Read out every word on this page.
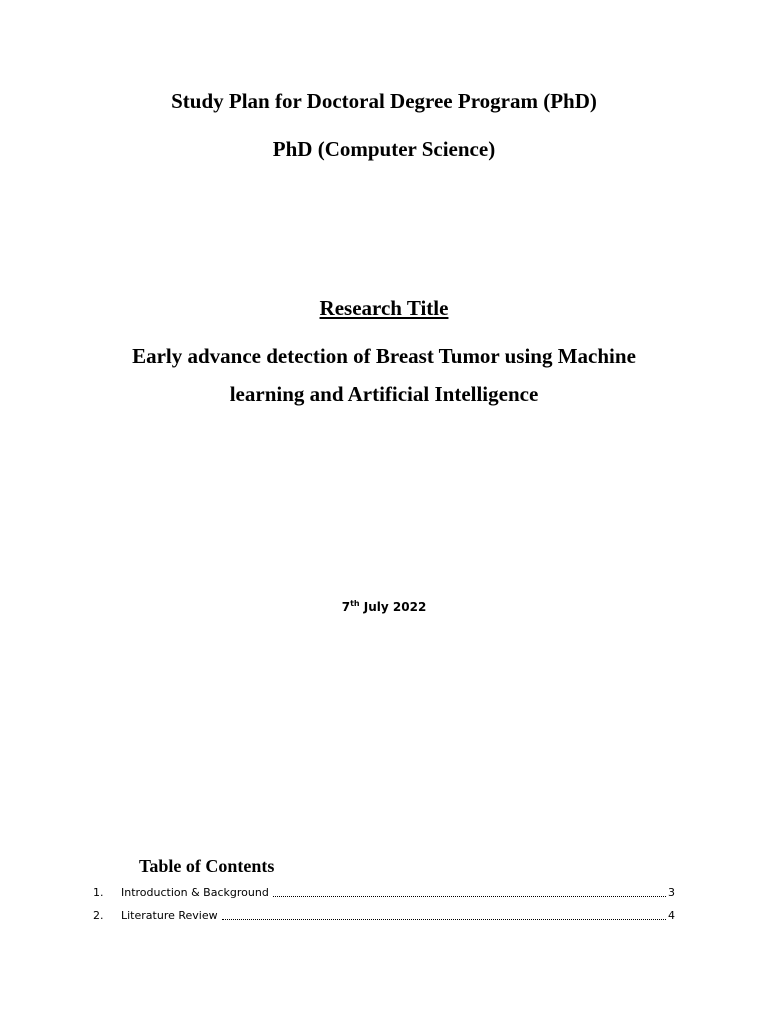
Study Plan for Doctoral Degree Program (PhD)
PhD (Computer Science)
Research Title
Early advance detection of Breast Tumor using Machine
learning and Artificial Intelligence
7th July 2022
Table of Contents
1.	Introduction & Background	3
2.	Literature Review	4
